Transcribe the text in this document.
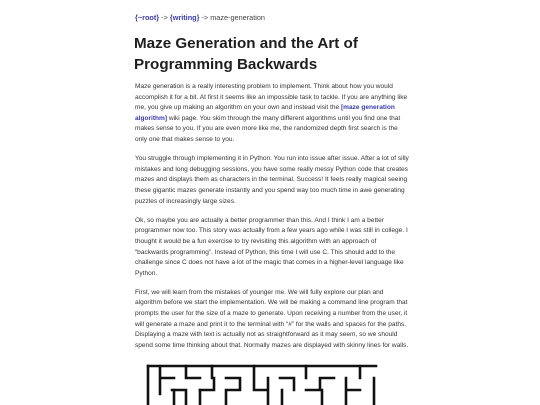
{~root} -> {writing} -> maze-generation
Maze Generation and the Art of Programming Backwards

Maze generation is a really interesting problem to implement. Think about how you would accomplish it for a bit. At first it seems like an impossible task to tackle. If you are anything like me, you give up making an algorithm on your own and instead visit the [maze generation algorithm] wiki page. You skim through the many different algorithms until you find one that makes sense to you. If you are even more like me, the randomized depth first search is the only one that makes sense to you.

You struggle through implementing it in Python. You run into issue after issue. After a lot of silly mistakes and long debugging sessions, you have some really messy Python code that creates mazes and displays them as characters in the terminal. Success! It feels really magical seeing these gigantic mazes generate instantly and you spend way too much time in awe generating puzzles of increasingly large sizes.

Ok, so maybe you are actually a better programmer than this. And I think I am a better programmer now too. This story was actually from a few years ago while I was still in college. I thought it would be a fun exercise to try revisiting this algorithm with an approach of “backwards programming”. Instead of Python, this time I will use C. This should add to the challenge since C does not have a lot of the magic that comes in a higher-level language like Python.

First, we will learn from the mistakes of younger me. We will fully explore our plan and algorithm before we start the implementation. We will be making a command line program that prompts the user for the size of a maze to generate. Upon receiving a number from the user, it will generate a maze and print it to the terminal with “#” for the walls and spaces for the paths. Displaying a maze with text is actually not as straightforward as it may seem, so we should spend some time thinking about that. Normally mazes are displayed with skinny lines for walls.
